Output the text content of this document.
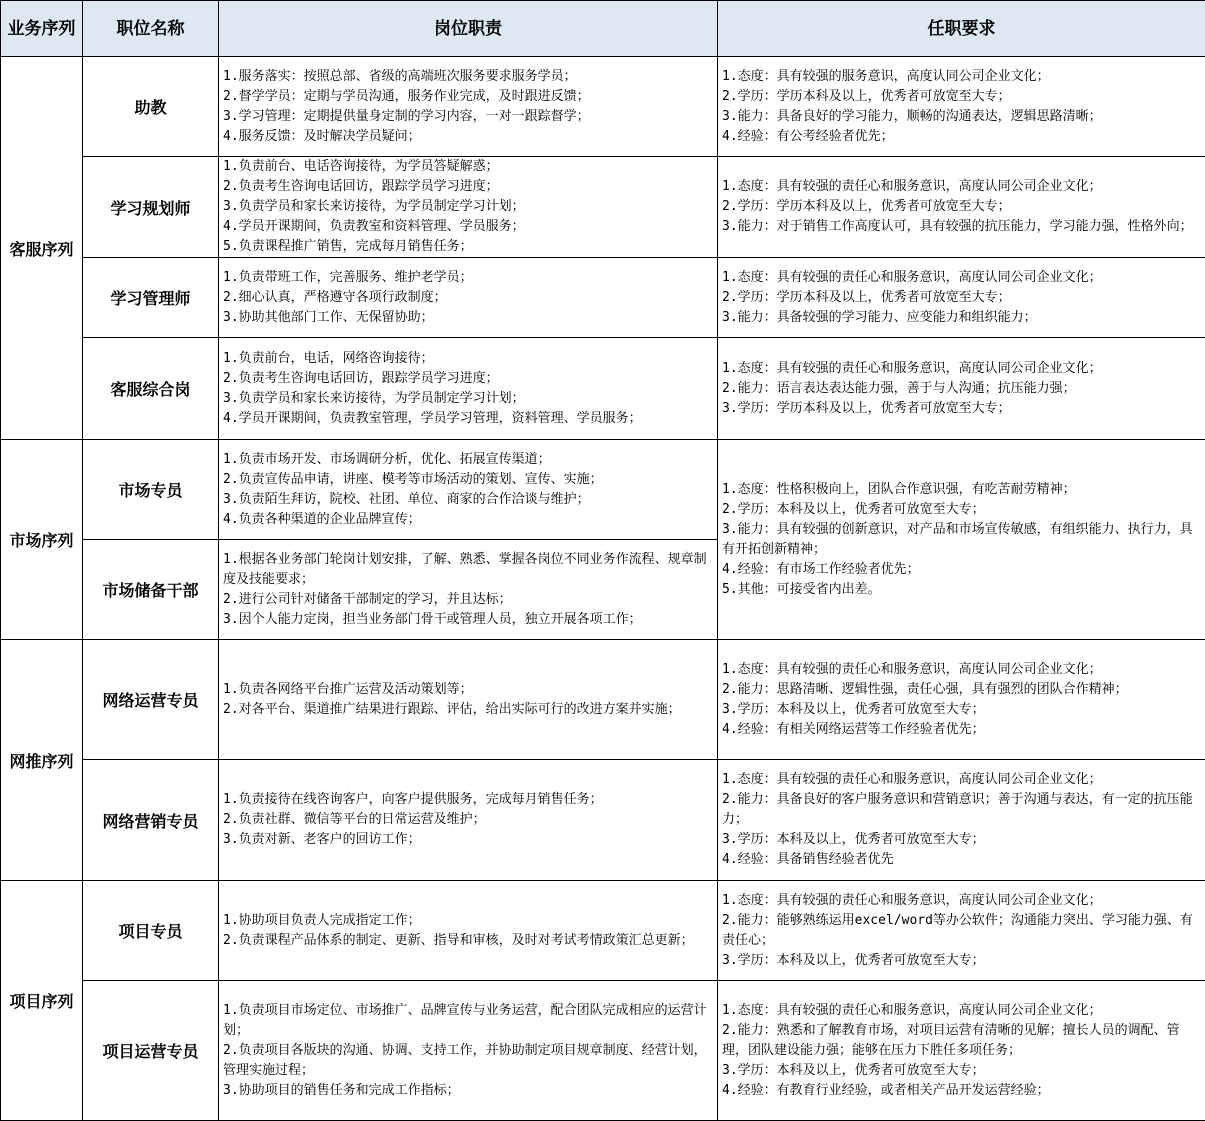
业务序列	职位名称	岗位职责	任职要求
客服序列	助教	1.服务落实：按照总部、省级的高端班次服务要求服务学员；
2.督学学员：定期与学员沟通，服务作业完成，及时跟进反馈；
3.学习管理：定期提供量身定制的学习内容，一对一跟踪督学；
4.服务反馈：及时解决学员疑问；	1.态度：具有较强的服务意识，高度认同公司企业文化；
2.学历：学历本科及以上，优秀者可放宽至大专；
3.能力：具备良好的学习能力，顺畅的沟通表达，逻辑思路清晰；
4.经验：有公考经验者优先；

	学习规划师	1.负责前台、电话咨询接待，为学员答疑解惑；
2.负责考生咨询电话回访，跟踪学员学习进度；
3.负责学员和家长来访接待，为学员制定学习计划；
4.学员开课期间，负责教室和资料管理、学员服务；
5.负责课程推广销售，完成每月销售任务；	1.态度：具有较强的责任心和服务意识，高度认同公司企业文化；
2.学历：学历本科及以上，优秀者可放宽至大专；
3.能力：对于销售工作高度认可，具有较强的抗压能力，学习能力强，性格外向；

	学习管理师	1.负责带班工作，完善服务、维护老学员；
2.细心认真，严格遵守各项行政制度；
3.协助其他部门工作、无保留协助；	1.态度：具有较强的责任心和服务意识，高度认同公司企业文化；
2.学历：学历本科及以上，优秀者可放宽至大专；
3.能力：具备较强的学习能力、应变能力和组织能力；

	客服综合岗	1.负责前台，电话，网络咨询接待；
2.负责考生咨询电话回访，跟踪学员学习进度；
3.负责学员和家长来访接待，为学员制定学习计划；
4.学员开课期间，负责教室管理，学员学习管理，资料管理、学员服务；	1.态度：具有较强的责任心和服务意识，高度认同公司企业文化；
2.能力：语言表达表达能力强，善于与人沟通；抗压能力强；
3.学历：学历本科及以上，优秀者可放宽至大专；

市场序列	市场专员	1.负责市场开发、市场调研分析，优化、拓展宣传渠道；
2.负责宣传品申请，讲座、模考等市场活动的策划、宣传、实施；
3.负责陌生拜访，院校、社团、单位、商家的合作洽谈与维护；
4.负责各种渠道的企业品牌宣传；	1.态度：性格积极向上，团队合作意识强，有吃苦耐劳精神；
2.学历：本科及以上，优秀者可放宽至大专；
3.能力：具有较强的创新意识，对产品和市场宣传敏感，有组织能力、执行力，具有开拓创新精神；
4.经验：有市场工作经验者优先；
5.其他：可接受省内出差。

	市场储备干部	1.根据各业务部门轮岗计划安排，了解、熟悉、掌握各岗位不同业务作流程、规章制度及技能要求；
2.进行公司针对储备干部制定的学习，并且达标；
3.因个人能力定岗，担当业务部门骨干或管理人员，独立开展各项工作；	

网推序列	网络运营专员	1.负责各网络平台推广运营及活动策划等；
2.对各平台、渠道推广结果进行跟踪、评估，给出实际可行的改进方案并实施；	1.态度：具有较强的责任心和服务意识，高度认同公司企业文化；
2.能力：思路清晰、逻辑性强，责任心强，具有强烈的团队合作精神；
3.学历：本科及以上，优秀者可放宽至大专；
4.经验：有相关网络运营等工作经验者优先；

	网络营销专员	1.负责接待在线咨询客户，向客户提供服务，完成每月销售任务；
2.负责社群、微信等平台的日常运营及维护；
3.负责对新、老客户的回访工作；	1.态度：具有较强的责任心和服务意识，高度认同公司企业文化；
2.能力：具备良好的客户服务意识和营销意识；善于沟通与表达，有一定的抗压能力；
3.学历：本科及以上，优秀者可放宽至大专；
4.经验：具备销售经验者优先

项目序列	项目专员	1.协助项目负责人完成指定工作；
2.负责课程产品体系的制定、更新、指导和审核，及时对考试考情政策汇总更新；	1.态度：具有较强的责任心和服务意识，高度认同公司企业文化；
2.能力：能够熟练运用excel/word等办公软件；沟通能力突出、学习能力强、有责任心；
3.学历：本科及以上，优秀者可放宽至大专；

	项目运营专员	1.负责项目市场定位、市场推广、品牌宣传与业务运营，配合团队完成相应的运营计划；
2.负责项目各版块的沟通、协调、支持工作，并协助制定项目规章制度、经营计划，管理实施过程；
3.协助项目的销售任务和完成工作指标；	1.态度：具有较强的责任心和服务意识，高度认同公司企业文化；
2.能力：熟悉和了解教育市场，对项目运营有清晰的见解；擅长人员的调配、管理，团队建设能力强；能够在压力下胜任多项任务；
3.学历：本科及以上，优秀者可放宽至大专；
4.经验：有教育行业经验，或者相关产品开发运营经验；
